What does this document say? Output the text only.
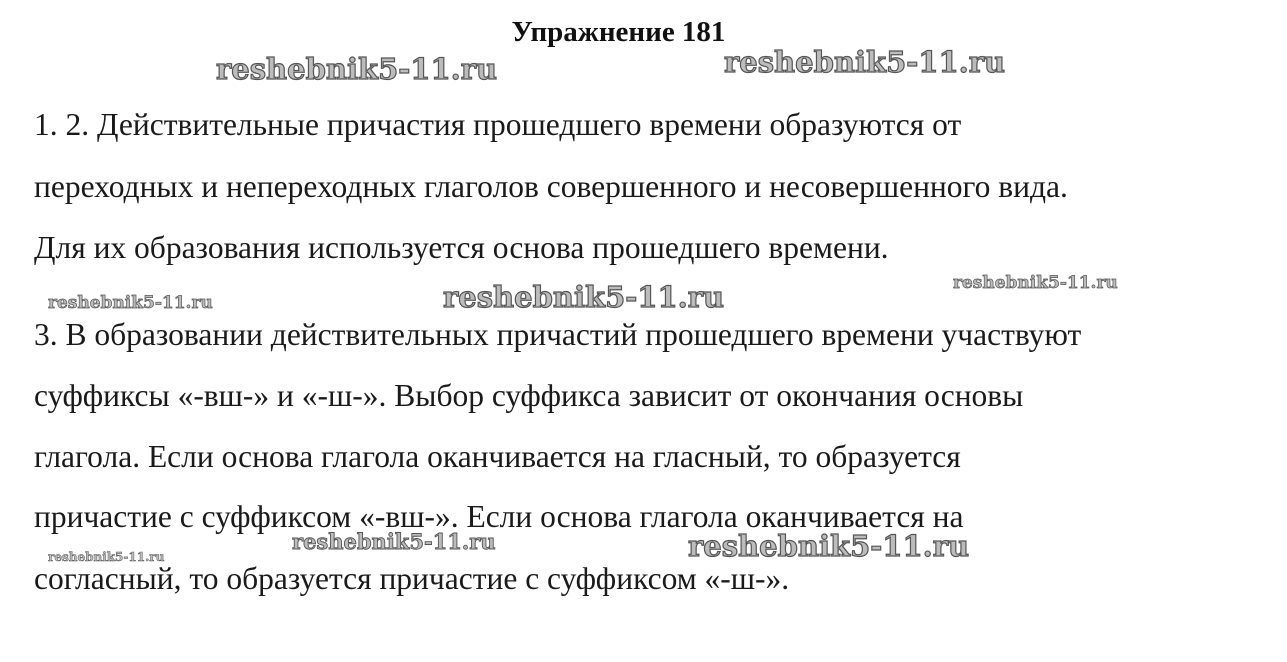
Упражнение 181
1. 2. Действительные причастия прошедшего времени образуются от
переходных и непереходных глаголов совершенного и несовершенного вида.
Для их образования используется основа прошедшего времени.
3. В образовании действительных причастий прошедшего времени участвуют
суффиксы «-вш-» и «-ш-». Выбор суффикса зависит от окончания основы
глагола. Если основа глагола оканчивается на гласный, то образуется
причастие с суффиксом «-вш-». Если основа глагола оканчивается на
согласный, то образуется причастие с суффиксом «-ш-».
reshebnik5-11.ru	reshebnik5-11.ru
reshebnik5-11.ru	reshebnik5-11.ru	reshebnik5-11.ru
reshebnik5-11.ru	reshebnik5-11.ru
reshebnik5-11.ru
